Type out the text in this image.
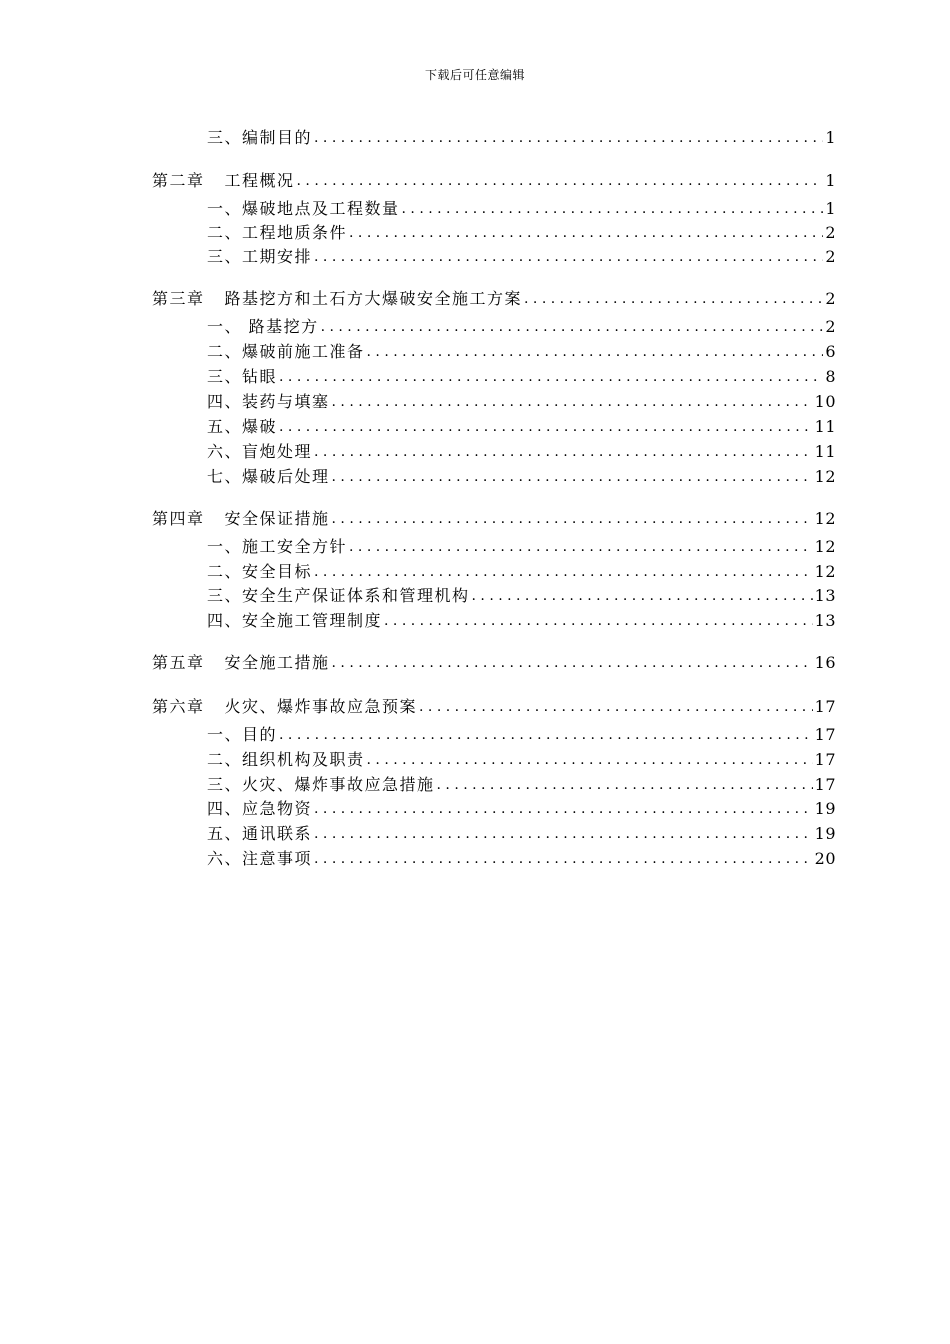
下载后可任意编辑
三、编制目的 . . .	1
第二章 工程概况 . . .	1
一、爆破地点及工程数量 . . .	1
二、工程地质条件 . . .	2
三、工期安排 . . .	2
第三章 路基挖方和土石方大爆破安全施工方案 . . .	2
一、 路基挖方 . . .	2
二、爆破前施工准备 . . .	6
三、钻眼 . . .	8
四、装药与填塞 . . .	10
五、爆破 . . .	11
六、盲炮处理 . . .	11
七、爆破后处理 . . .	12
第四章 安全保证措施 . . .	12
一、施工安全方针 . . .	12
二、安全目标 . . .	12
三、安全生产保证体系和管理机构 . . .	13
四、安全施工管理制度 . . .	13
第五章 安全施工措施 . . .	16
第六章 火灾、爆炸事故应急预案 . . .	17
一、目的 . . .	17
二、组织机构及职责 . . .	17
三、火灾、爆炸事故应急措施 . . .	17
四、应急物资 . . .	19
五、通讯联系 . . .	19
六、注意事项 . . .	20
